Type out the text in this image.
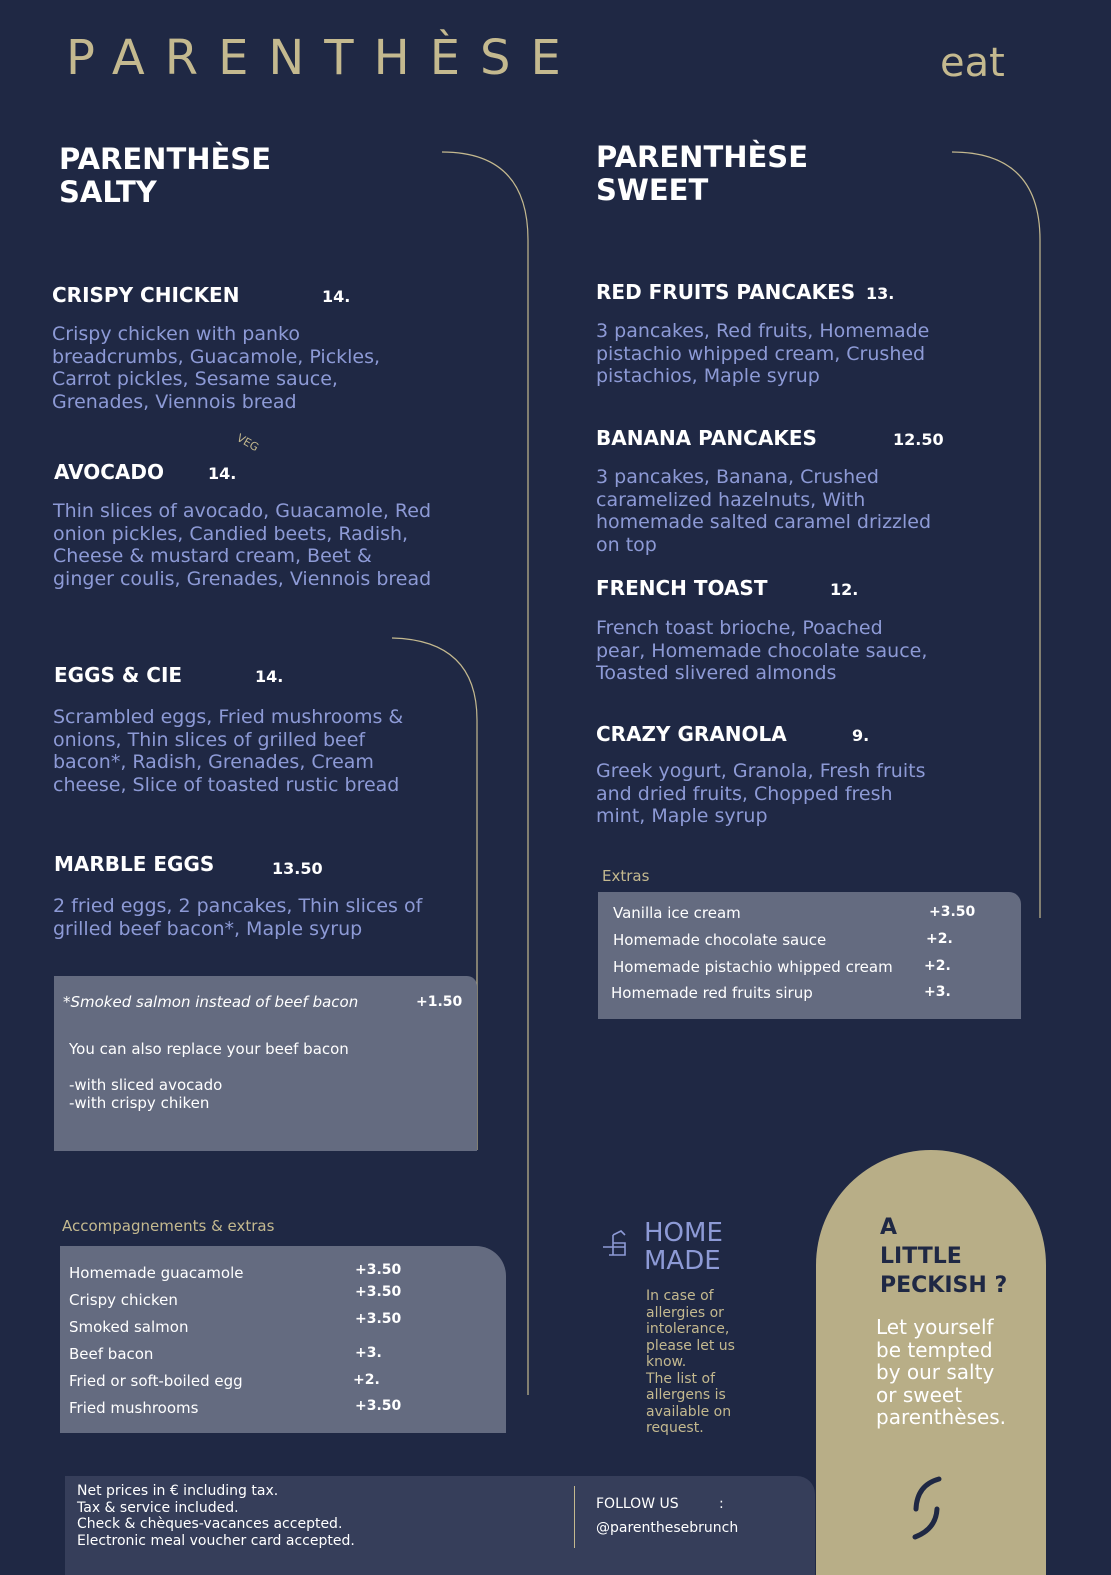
PARENTHÈSE	eat
PARENTHÈSE
SALTY
CRISPY CHICKEN	14.
Crispy chicken with panko breadcrumbs, Guacamole, Pickles, Carrot pickles, Sesame sauce, Grenades, Viennois bread
VEG
AVOCADO	14.
Thin slices of avocado, Guacamole, Red onion pickles, Candied beets, Radish, Cheese & mustard cream, Beet & ginger coulis, Grenades, Viennois bread
EGGS & CIE	14.
Scrambled eggs, Fried mushrooms & onions, Thin slices of grilled beef bacon*, Radish, Grenades, Cream cheese, Slice of toasted rustic bread
MARBLE EGGS	13.50
2 fried eggs, 2 pancakes, Thin slices of grilled beef bacon*, Maple syrup
*Smoked salmon instead of beef bacon	+1.50
You can also replace your beef bacon
-with sliced avocado
-with crispy chiken
Accompagnements & extras
Homemade guacamole	+3.50
Crispy chicken	+3.50
Smoked salmon	+3.50
Beef bacon	+3.
Fried or soft-boiled egg	+2.
Fried mushrooms	+3.50
PARENTHÈSE
SWEET
RED FRUITS PANCAKES 13.
3 pancakes, Red fruits, Homemade pistachio whipped cream, Crushed pistachios, Maple syrup
BANANA PANCAKES	12.50
3 pancakes, Banana, Crushed caramelized hazelnuts, With homemade salted caramel drizzled on top
FRENCH TOAST	12.
French toast brioche, Poached pear, Homemade chocolate sauce, Toasted slivered almonds
CRAZY GRANOLA	9.
Greek yogurt, Granola, Fresh fruits and dried fruits, Chopped fresh mint, Maple syrup
Extras
Vanilla ice cream	+3.50
Homemade chocolate sauce	+2.
Homemade pistachio whipped cream +2.
Homemade red fruits sirup	+3.
HOME
MADE
In case of
allergies or
intolerance,
please let us
know.
The list of
allergens is
available on
request.
A
LITTLE
PECKISH ?
Let yourself
be tempted
by our salty
or sweet
parenthèses.
Net prices in € including tax.
Tax & service included.
Check & chèques-vacances accepted.
Electronic meal voucher card accepted.
FOLLOW US	:
@parenthesebrunch
